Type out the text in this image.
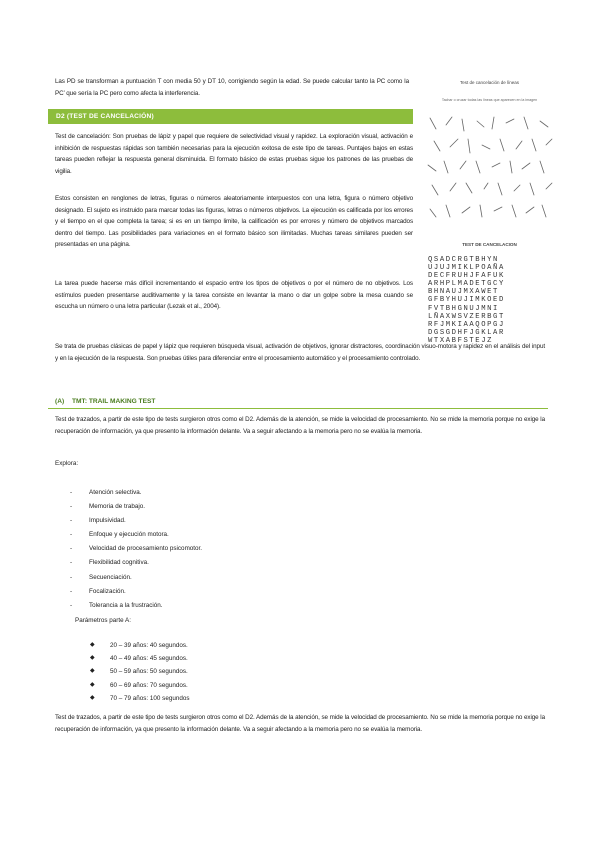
Las PD se transforman a puntuación T con media 50 y DT 10, corrigiendo según la edad. Se puede calcular tanto la PC como la PC’ que sería la PC pero como afecta la interferencia.

D2 (TEST DE CANCELACIÓN)

Test de cancelación: Son pruebas de lápiz y papel que requiere de selectividad visual y rapidez. La exploración visual, activación e inhibición de respuestas rápidas son también necesarias para la ejecución exitosa de este tipo de tareas. Puntajes bajos en estas tareas pueden reflejar la respuesta general disminuida. El formato básico de estas pruebas sigue los patrones de las pruebas de vigilia.

Estos consisten en renglones de letras, figuras o números aleatoriamente interpuestos con una letra, figura o número objetivo designado. El sujeto es instruido para marcar todas las figuras, letras o números objetivos. La ejecución es calificada por los errores y el tiempo en el que completa la tarea; si es en un tiempo limite, la calificación es por errores y número de objetivos marcados dentro del tiempo. Las posibilidades para variaciones en el formato básico son ilimitadas. Muchas tareas similares pueden ser presentadas en una página.

La tarea puede hacerse más difícil incrementando el espacio entre los tipos de objetivos o por el número de no objetivos. Los estímulos pueden presentarse auditivamente y la tarea consiste en levantar la mano o dar un golpe sobre la mesa cuando se escucha un número o una letra particular (Lezak et al., 2004).

Se trata de pruebas clásicas de papel y lápiz que requieren búsqueda visual, activación de objetivos, ignorar distractores, coordinación visuo-motora y rapidez en el análisis del input y en la ejecución de la respuesta. Son pruebas útiles para diferenciar entre el procesamiento automático y el procesamiento controlado.

Test de cancelación de líneas
Tachar o cruzar todas las líneas que aparecen en la imagen
TEST DE CANCELACION
QSADCRGTBHYN
UJUJMIKLPOAÑA
DECFRUHJFAFUK
ARHPLMADETGCY
BHNAUJMXAWET
GFBYHUJIMKOED
FVTBHGNUJMNI
LÑAXWSVZERBGT
RFJMKIAAQOPGJ
DGSGDHFJGKLAR
WTXABFSTEJZ
(A) TMT: TRAIL MAKING TEST

Test de trazados, a partir de este tipo de tests surgieron otros como el D2. Además de la atención, se mide la velocidad de procesamiento. No se mide la memoria porque no exige la recuperación de información, ya que presento la información delante. Va a seguir afectando a la memoria pero no se evalúa la memoria.

Explora:
-	Atención selectiva.
-	Memoria de trabajo.
-	Impulsividad.
-	Enfoque y ejecución motora.
-	Velocidad de procesamiento psicomotor.
-	Flexibilidad cognitiva.
-	Secuenciación.
-	Focalización.
-	Tolerancia a la frustración.
Parámetros parte A:
◆ 20 – 39 años: 40 segundos.
◆ 40 – 49 años: 45 segundos.
◆ 50 – 59 años: 50 segundos.
◆ 60 – 69 años: 70 segundos.
◆ 70 – 79 años: 100 segundos

Test de trazados, a partir de este tipo de tests surgieron otros como el D2. Además de la atención, se mide la velocidad de procesamiento. No se mide la memoria porque no exige la recuperación de información, ya que presento la información delante. Va a seguir afectando a la memoria pero no se evalúa la memoria.
